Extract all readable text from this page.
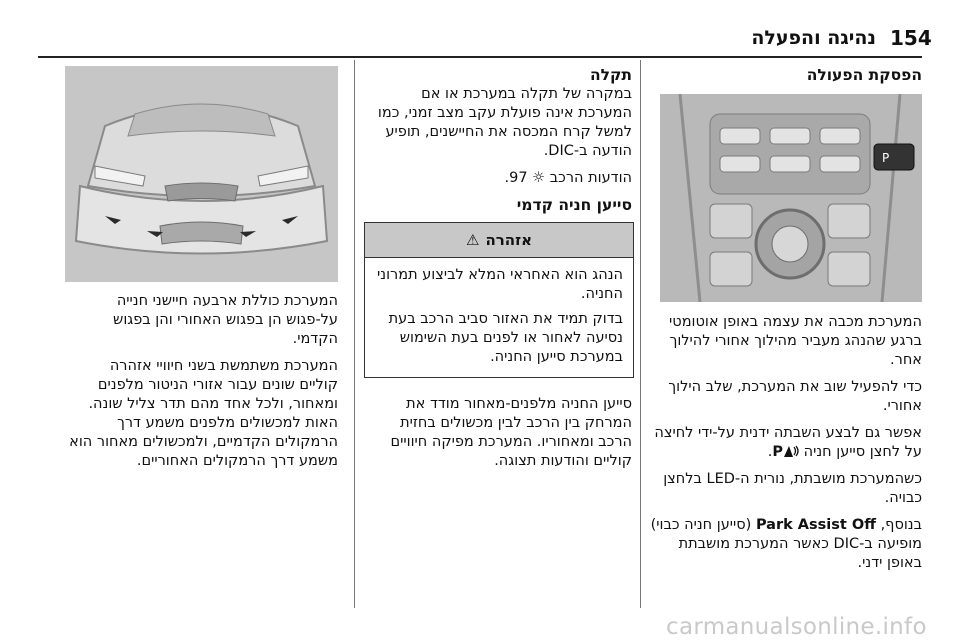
154
נהיגה והפעלה

הפסקת הפעולה

המערכת מכבה את עצמה באופן אוטומטי ברגע שהנהג מעביר מהילוך אחורי להילוך אחר.

כדי להפעיל שוב את המערכת, שלב הילוך אחורי.

אפשר גם לבצע השבתה ידנית על-ידי לחיצה על לחצן סייען חניה P.

כשהמערכת מושבתת, נורית ה-LED בלחצן כבויה.

בנוסף, Park Assist Off (סייען חניה כבוי) מופיעה ב-DIC כאשר המערכת מושבתת באופן ידני.

P

תקלה

במקרה של תקלה במערכת או אם המערכת אינה פועלת עקב מצב זמני, כמו למשל קרח המכסה את החיישנים, תופיע הודעה ב-DIC.

הודעות הרכב ☼ 97.

סייען חניה קדמי

סייען החניה מלפנים-מאחור מודד את המרחק בין הרכב לבין מכשולים בחזית הרכב ומאחוריו. המערכת מפיקה חיוויים קוליים והודעות תצוגה.

אזהרה
⚠

הנהג הוא האחראי המלא לביצוע תמרוני החניה.

בדוק תמיד את האזור סביב הרכב בעת נסיעה לאחור או לפנים בעת השימוש במערכת סייען החניה.

המערכת כוללת ארבעה חיישני חנייה על-פגוש הן בפגוש האחורי והן בפגוש הקדמי.

המערכת משתמשת בשני חיוויי אזהרה קוליים שונים עבור אזורי הניטור מלפנים ומאחור, ולכל אחד מהם תדר צליל שונה. האות למכשולים מלפנים משמע דרך הרמקולים הקדמיים, ולמכשולים מאחור הוא משמע דרך הרמקולים האחוריים.

carmanualsonline.info
